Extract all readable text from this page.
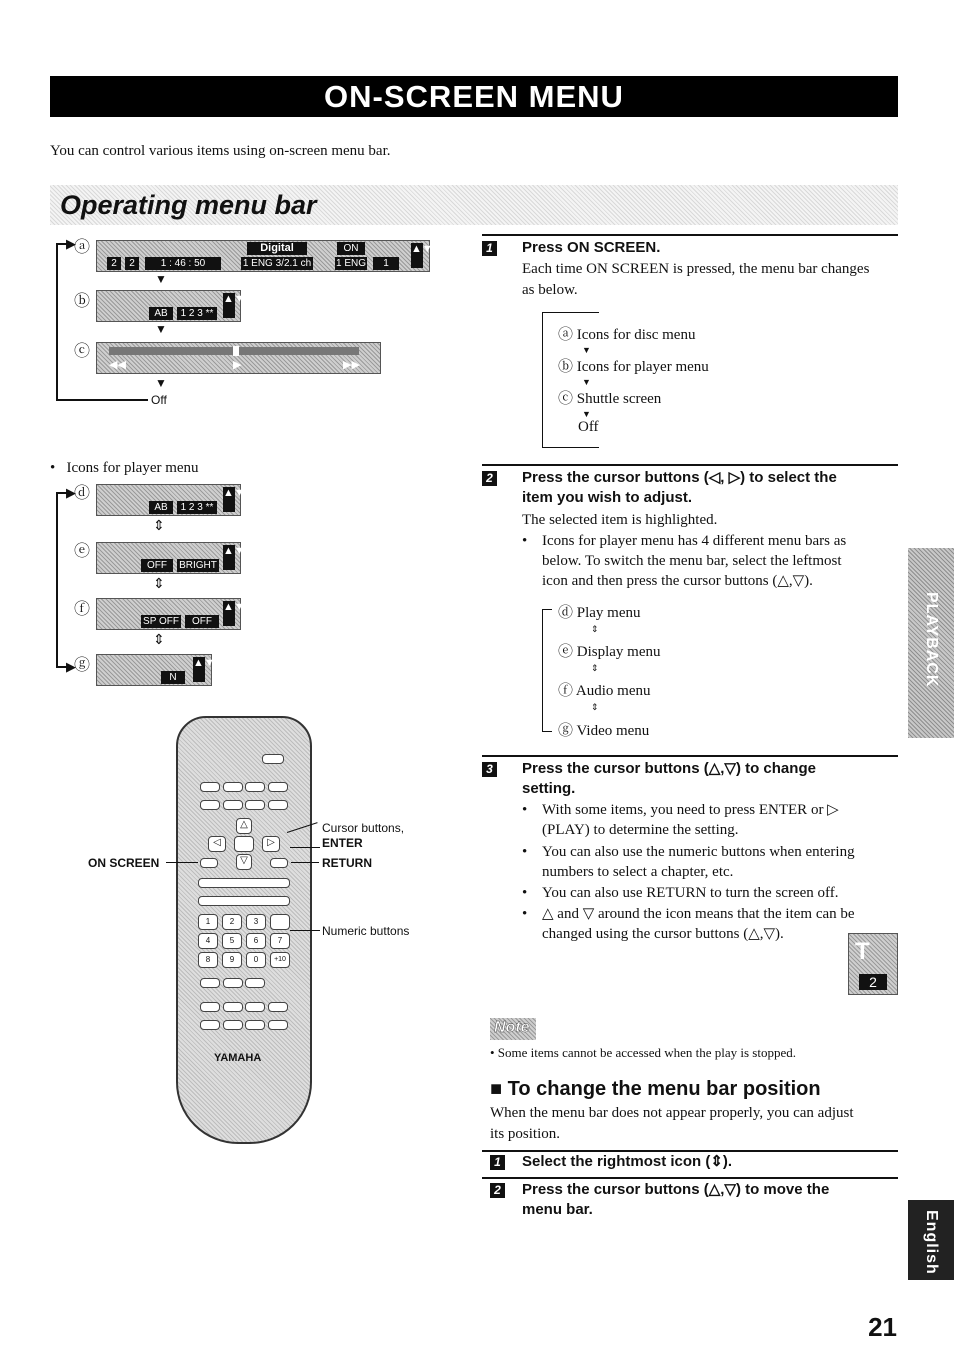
ON-SCREEN MENU
You can control various items using on-screen menu bar.
Operating menu bar
▶
ⓐ
2	2	1 : 46 : 50
Digital
1 ENG 3/2.1 ch
ON
1 ENG	1
▲▼
▼
ⓑ
AB	1 2 3 **
▲▼
▼
ⓒ
◀◀	▶	▶▶
▼
Off
•   Icons for player menu
▶
▶
ⓓ
AB	1 2 3 **
▲▼
⇕
ⓔ
OFF	BRIGHT
▲▼
⇕
ⓕ
SP OFF	OFF
▲▼
⇕
ⓖ
N
▲▼
△
◁	▷
▽
1	2	3
4	5	6	7
8	9	0	+10
YAMAHA
Cursor buttons,
ENTER
RETURN
ON SCREEN
Numeric buttons
1 Press ON SCREEN.
Each time ON SCREEN is pressed, the menu bar changes as below.
ⓐ Icons for disc menu
▼
ⓑ Icons for player menu
▼
ⓒ Shuttle screen
▼
Off
2 Press the cursor buttons (◁, ▷) to select the
item you wish to adjust.
The selected item is highlighted.
• Icons for player menu has 4 different menu bars as
below. To switch the menu bar, select the leftmost
icon and then press the cursor buttons (△,▽).
ⓓ Play menu
⇕
ⓔ Display menu
⇕
ⓕ Audio menu
⇕
ⓖ Video menu
3 Press the cursor buttons (△,▽) to change
setting.
• With some items, you need to press ENTER or ▷
(PLAY) to determine the setting.
• You can also use the numeric buttons when entering
numbers to select a chapter, etc.
• You can also use RETURN to turn the screen off.
• △ and ▽ around the icon means that the item can be
changed using the cursor buttons (△,▽).
T
2
Note
• Some items cannot be accessed when the play is stopped.
■ To change the menu bar position
When the menu bar does not appear properly, you can adjust
its position.
1 Select the rightmost icon (⇕).
2 Press the cursor buttons (△,▽) to move the
menu bar.
PLAYBACK
English
21
